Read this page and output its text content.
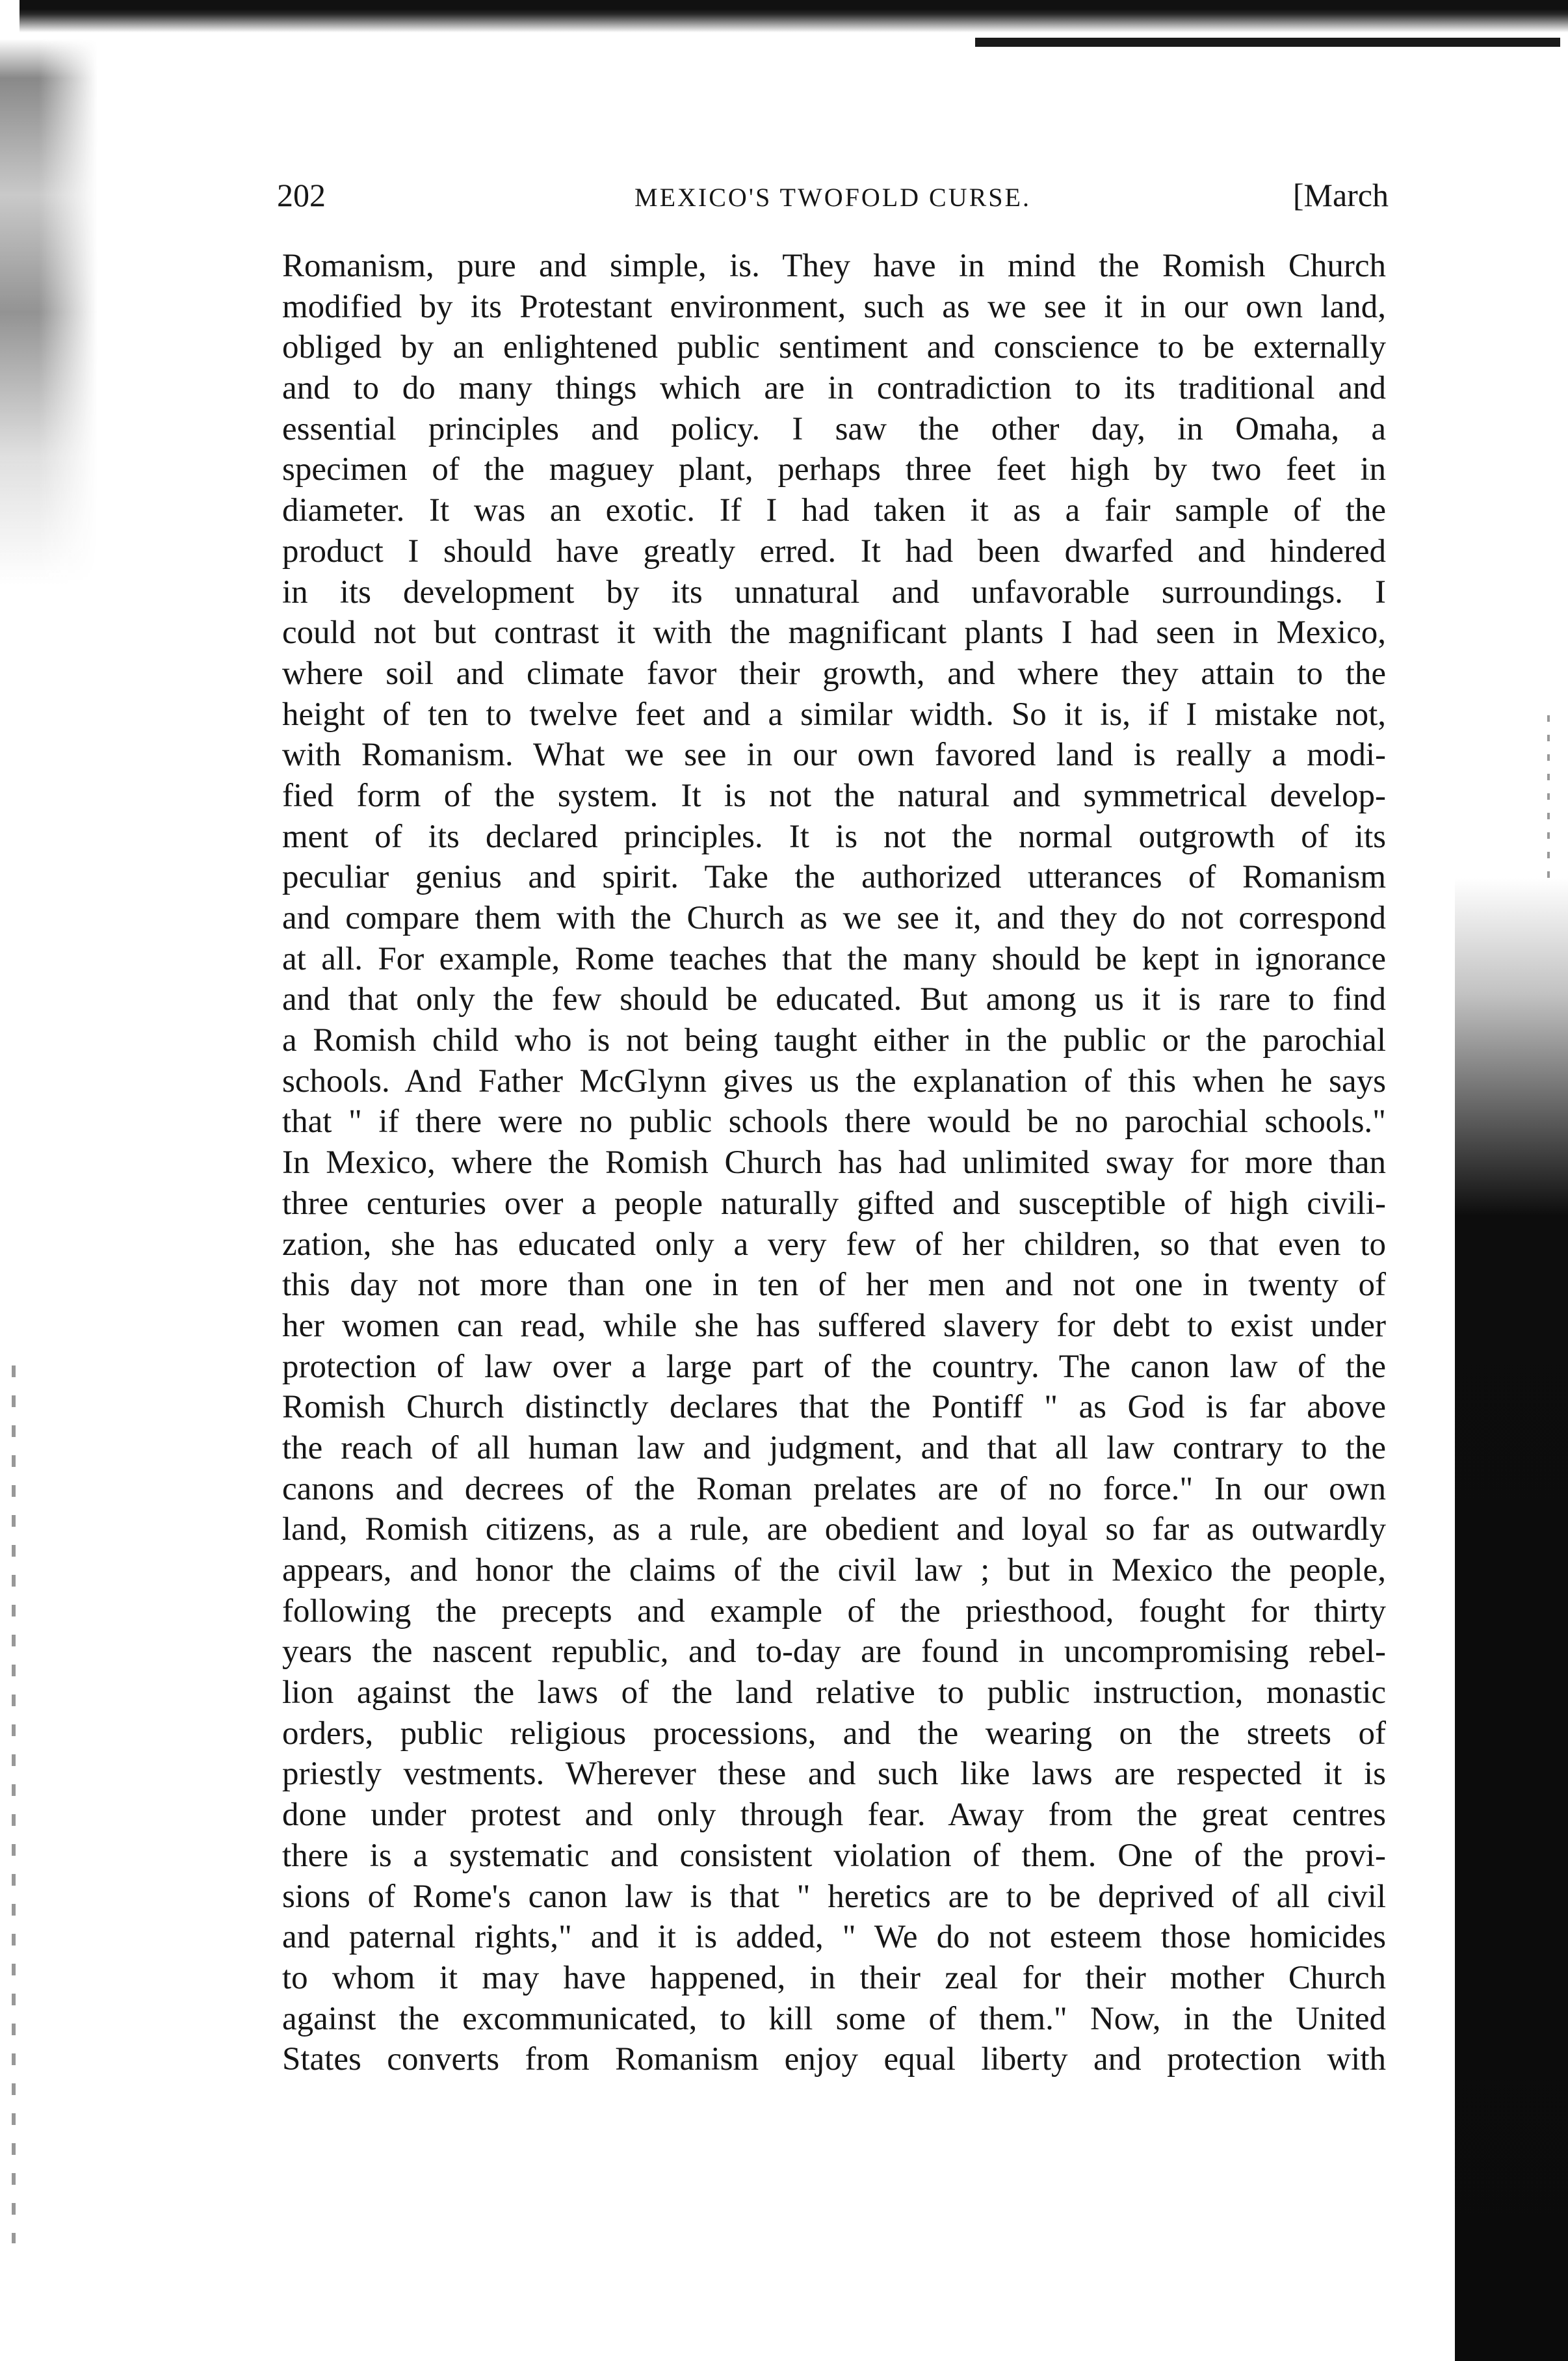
202	MEXICO'S TWOFOLD CURSE.	[March
Romanism, pure and simple, is. They have in mind the Romish Church
modified by its Protestant environment, such as we see it in our own land,
obliged by an enlightened public sentiment and conscience to be externally
and to do many things which are in contradiction to its traditional and
essential principles and policy. I saw the other day, in Omaha, a
specimen of the maguey plant, perhaps three feet high by two feet in
diameter. It was an exotic. If I had taken it as a fair sample of the
product I should have greatly erred. It had been dwarfed and hindered
in its development by its unnatural and unfavorable surroundings. I
could not but contrast it with the magnificant plants I had seen in Mexico,
where soil and climate favor their growth, and where they attain to the
height of ten to twelve feet and a similar width. So it is, if I mistake not,
with Romanism. What we see in our own favored land is really a modi-
fied form of the system. It is not the natural and symmetrical develop-
ment of its declared principles. It is not the normal outgrowth of its
peculiar genius and spirit. Take the authorized utterances of Romanism
and compare them with the Church as we see it, and they do not correspond
at all. For example, Rome teaches that the many should be kept in ignorance
and that only the few should be educated. But among us it is rare to find
a Romish child who is not being taught either in the public or the parochial
schools. And Father McGlynn gives us the explanation of this when he says
that " if there were no public schools there would be no parochial schools."
In Mexico, where the Romish Church has had unlimited sway for more than
three centuries over a people naturally gifted and susceptible of high civili-
zation, she has educated only a very few of her children, so that even to
this day not more than one in ten of her men and not one in twenty of
her women can read, while she has suffered slavery for debt to exist under
protection of law over a large part of the country. The canon law of the
Romish Church distinctly declares that the Pontiff " as God is far above
the reach of all human law and judgment, and that all law contrary to the
canons and decrees of the Roman prelates are of no force." In our own
land, Romish citizens, as a rule, are obedient and loyal so far as outwardly
appears, and honor the claims of the civil law ; but in Mexico the people,
following the precepts and example of the priesthood, fought for thirty
years the nascent republic, and to-day are found in uncompromising rebel-
lion against the laws of the land relative to public instruction, monastic
orders, public religious processions, and the wearing on the streets of
priestly vestments. Wherever these and such like laws are respected it is
done under protest and only through fear. Away from the great centres
there is a systematic and consistent violation of them. One of the provi-
sions of Rome's canon law is that " heretics are to be deprived of all civil
and paternal rights," and it is added, " We do not esteem those homicides
to whom it may have happened, in their zeal for their mother Church
against the excommunicated, to kill some of them." Now, in the United
States converts from Romanism enjoy equal liberty and protection with
